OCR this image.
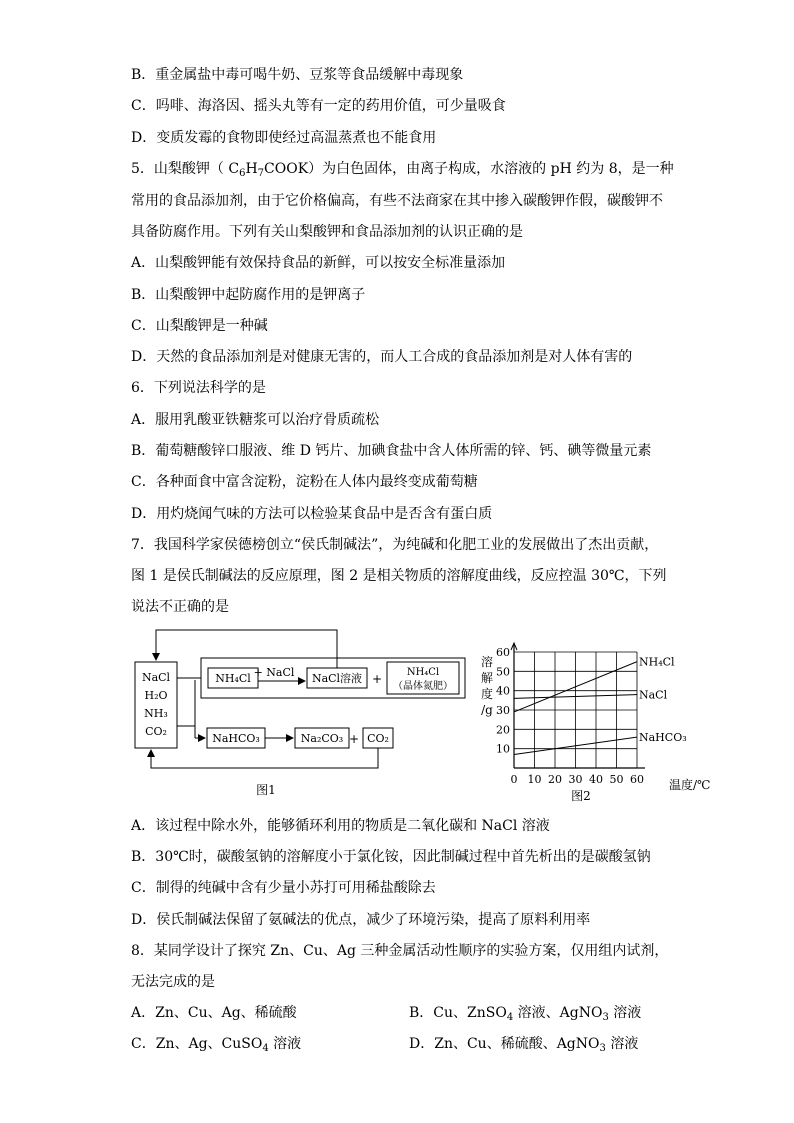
B．重金属盐中毒可喝牛奶、豆浆等食品缓解中毒现象
C．吗啡、海洛因、摇头丸等有一定的药用价值，可少量吸食
D．变质发霉的食物即使经过高温蒸煮也不能食用
5．山梨酸钾（ $C_6H_7COOK$）为白色固体，由离子构成，水溶液的 pH 约为 8，是一种
常用的食品添加剂，由于它价格偏高，有些不法商家在其中掺入碳酸钾作假，碳酸钾不
具备防腐作用。下列有关山梨酸钾和食品添加剂的认识正确的是
A．山梨酸钾能有效保持食品的新鲜，可以按安全标准量添加
B．山梨酸钾中起防腐作用的是钾离子
C．山梨酸钾是一种碱
D．天然的食品添加剂是对健康无害的，而人工合成的食品添加剂是对人体有害的
6．下列说法科学的是
A．服用乳酸亚铁糖浆可以治疗骨质疏松
B．葡萄糖酸锌口服液、维 D 钙片、加碘食盐中含人体所需的锌、钙、碘等微量元素
C．各种面食中富含淀粉，淀粉在人体内最终变成葡萄糖
D．用灼烧闻气味的方法可以检验某食品中是否含有蛋白质
7．我国科学家侯德榜创立“侯氏制碱法”，为纯碱和化肥工业的发展做出了杰出贡献，
图 1 是侯氏制碱法的反应原理，图 2 是相关物质的溶解度曲线，反应控温 30℃，下列
说法不正确的是
A．该过程中除水外，能够循环利用的物质是二氧化碳和 NaCl 溶液
B．30℃时，碳酸氢钠的溶解度小于氯化铵，因此制碱过程中首先析出的是碳酸氢钠
C．制得的纯碱中含有少量小苏打可用稀盐酸除去
D．侯氏制碱法保留了氨碱法的优点，减少了环境污染，提高了原料利用率
8．某同学设计了探究 Zn、Cu、Ag 三种金属活动性顺序的实验方案，仅用组内试剂，
无法完成的是
NaCl
H₂O
NH₃
CO₂
NH₄Cl + NaCl NaCl溶液 + NH₄Cl
（晶体氮肥）
NaHCO₃	Na₂CO₃ + CO₂
图1
溶
解
度
/g
10
20
30
40
50
60
0 10 20 30 40 50 60
NH₄Cl
NaCl
NaHCO₃
温度/℃
图2
A．Zn、Cu、Ag、稀硫酸	B．Cu、ZnSO$_4$ 溶液、AgNO$_3$ 溶液
C．Zn、Ag、CuSO$_4$ 溶液	D．Zn、Cu、稀硫酸、AgNO$_3$ 溶液
